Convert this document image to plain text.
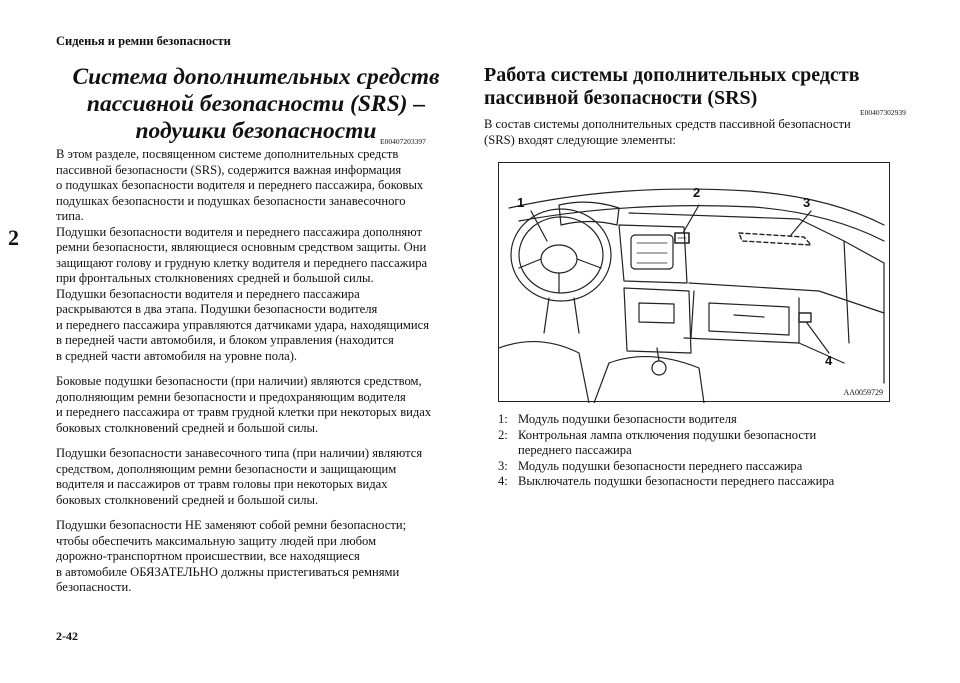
Сиденья и ремни безопасности
2
2-42
Система дополнительных средств
пассивной безопасности (SRS) –
подушки безопасности E00407203397
В этом разделе, посвященном системе дополнительных средств
пассивной безопасности (SRS), содержится важная информация
о подушках безопасности водителя и переднего пассажира, боковых
подушках безопасности и подушках безопасности занавесочного
типа.
Подушки безопасности водителя и переднего пассажира дополняют
ремни безопасности, являющиеся основным средством защиты. Они
защищают голову и грудную клетку водителя и переднего пассажира
при фронтальных столкновениях средней и большой силы.
Подушки безопасности водителя и переднего пассажира
раскрываются в два этапа. Подушки безопасности водителя
и переднего пассажира управляются датчиками удара, находящимися
в передней части автомобиля, и блоком управления (находится
в средней части автомобиля на уровне пола).
Боковые подушки безопасности (при наличии) являются средством,
дополняющим ремни безопасности и предохраняющим водителя
и переднего пассажира от травм грудной клетки при некоторых видах
боковых столкновений средней и большой силы.
Подушки безопасности занавесочного типа (при наличии) являются
средством, дополняющим ремни безопасности и защищающим
водителя и пассажиров от травм головы при некоторых видах
боковых столкновений средней и большой силы.
Подушки безопасности НЕ заменяют собой ремни безопасности;
чтобы обеспечить максимальную защиту людей при любом
дорожно-транспортном происшествии, все находящиеся
в автомобиле ОБЯЗАТЕЛЬНО должны пристегиваться ремнями
безопасности.
Работа системы дополнительных средств
пассивной безопасности (SRS)
E00407302939
В состав системы дополнительных средств пассивной безопасности
(SRS) входят следующие элементы:
1
2
3
4
AA0059729
1: Модуль подушки безопасности водителя
2: Контрольная лампа отключения подушки безопасности
переднего пассажира
3: Модуль подушки безопасности переднего пассажира
4: Выключатель подушки безопасности переднего пассажира
